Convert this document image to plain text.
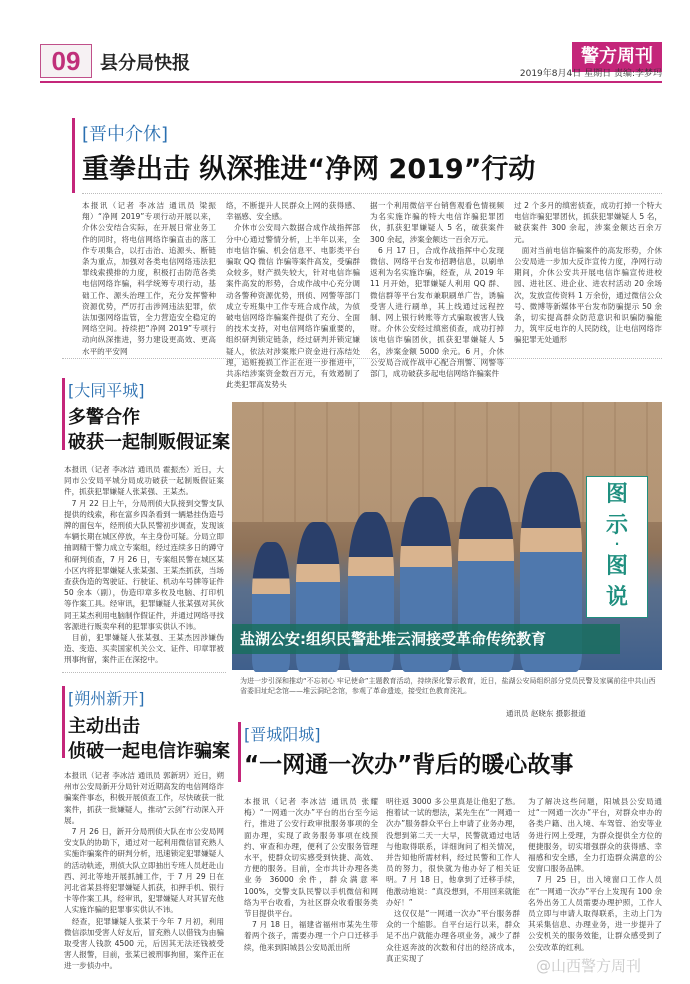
09	县分局快报	警方周刊
2019年8月4日 星期日 责编:李梦玛
[晋中介休]
重拳出击 纵深推进“净网 2019”行动
本报讯（记者 李冰洁 通讯员 梁振翔）“净网 2019”专项行动开展以来，介休公安结合实际，在开展日常业务工作的同时，将电信网络诈骗直击的落工作专项集合，以打击治、追源头、断链条为重点，加强对各类电信网络违法犯罪线索摸排的力度，积极打击防范各类电信网络诈骗，科学统筹专项行动，基础工作、源头治理工作，充分发挥警种资源优势，严厉打击涉网违法犯罪，依法加强网络监管，全力营造安全稳定的网络空间。持续把“净网 2019”专项行动向纵深推进，努力建设更高效、更高水平的平安网
络，不断提升人民群众上网的获得感、幸福感、安全感。
　介休市公安局六数据合成作战指挥部分中心通过警情分析，上半年以来，全市电信诈骗、机会信息平、电影类平台骗取 QQ 微信 诈骗等案件高发，受骗群众较多，财产损失较大，针对电信诈骗案件高发的形势，合成作战中心充分调动各警种资源优势，刑侦、网警等部门成立专班集中工作专班合成作战，为侦破电信网络诈骗案件提供了充分、全面的技术支持，对电信网络诈骗重要的，组织研判锁定链条，经过研判并锁定嫌疑人，依法对涉案账户资金进行冻结处理，追赃挽损工作正在进一步推进中，共冻结涉案资金数百万元，有效遏制了此类犯罪高发势头
据一个利用微信平台销售观看色情视频为名实施诈骗的特大电信诈骗犯罪团伙，抓获犯罪嫌疑人 5 名，破获案件 300 余起，涉案金额达一百余万元。
　6 月 17 日，合成作战指挥中心发现微信、网络平台发布招聘信息，以刷单返利为名实施诈骗，经查，从 2019 年 11 月开始，犯罪嫌疑人利用 QQ 群、微信群等平台发布兼职刷单广告，诱骗受害人进行刷单，其上线通过远程控制、网上银行转账等方式骗取被害人钱财。介休公安经过缜密侦查，成功打掉该电信诈骗团伙，抓获犯罪嫌疑人 5 名，涉案金额 5000 余元。6 月，介休公安局合成作战中心配合刑警、网警等部门，成功破获多起电信网络诈骗案件
过 2 个多月的缜密侦查，成功打掉一个特大电信诈骗犯罪团伙，抓获犯罪嫌疑人 5 名，破获案件 300 余起，涉案金额达百余万元。
　面对当前电信诈骗案件的高发形势，介休公安局进一步加大反诈宣传力度，净网行动期间，介休公安共开展电信诈骗宣传进校园、进社区、进企业、进农村活动 20 余场次，发放宣传资料 1 万余份，通过微信公众号、微博等新媒体平台发布防骗提示 50 余条，切实提高群众防范意识和识骗防骗能力，筑牢反电诈的人民防线，让电信网络诈骗犯罪无处遁形
[大同平城]
多警合作
破获一起制贩假证案
本报讯（记者 李冰洁 通讯员 霍振杰）近日，大同市公安局平城分局成功破获一起制贩假证案件，抓获犯罪嫌疑人张某强、王某杰。
　7 月 22 日上午，分局刑侦大队接到交警支队提供的线索，称在富乡四条看到一辆悬挂伪造号牌的面包车，经刑侦大队民警初步调查，发现该车辆长期在城区停放，车主身份可疑。分局立即抽调精干警力成立专案组，经过连续多日的蹲守和研判侦查，7 月 26 日，专案组民警在城区某小区内将犯罪嫌疑人张某强、王某杰抓获，当场查获伪造的驾驶证、行驶证、机动车号牌等证件 50 余本（副），伪造印章多枚及电脑、打印机等作案工具。经审讯，犯罪嫌疑人张某强对其伙同王某杰利用电脑制作假证件，并通过网络寻找客源进行贩卖牟利的犯罪事实供认不讳。
　目前，犯罪嫌疑人张某强、王某杰因涉嫌伪造、变造、买卖国家机关公文、证件、印章罪被刑事拘留，案件正在深挖中。
[朔州新开]
主动出击
侦破一起电信诈骗案
本报讯（记者 李冰洁 通讯员 郭新玥）近日，朔州市公安局新开分局针对近期高发的电信网络诈骗案件事态，积极开展侦查工作，尽快破获一批案件，抓获一批嫌疑人，推动“云剑”行动深入开展。
　7 月 26 日，新开分局刑侦大队在市公安局网安支队的协助下，通过对一起利用微信冒充熟人实施诈骗案件的研判分析，迅速锁定犯罪嫌疑人的活动轨迹，刑侦大队立即抽出专班人员赶赴山西、河北等地开展抓捕工作，于 7 月 29 日在河北省某县将犯罪嫌疑人抓获，扣押手机、银行卡等作案工具，经审讯，犯罪嫌疑人对其冒充他人实施诈骗的犯罪事实供认不讳。
　经查，犯罪嫌疑人张某于今年 7 月初，利用微信添加受害人好友后，冒充熟人以借钱为由骗取受害人钱款 4500 元，后因其无法还钱被受害人报警，目前，张某已被刑事拘留，案件正在进一步侦办中。
图
示
·
图
说
盐湖公安:组织民警赴堆云洞接受革命传统教育
为进一步引深和推动“不忘初心 牢记使命”主题教育活动，持续深化警示教育，近日，盐湖公安局组织部分党员民警及家属前往中共山西省委旧址纪念馆——堆云洞纪念馆，参观了革命遗迹，接受红色教育洗礼。
通讯员 赵晓东 摄影报道
[晋城阳城]
“一网通一次办”背后的暖心故事
本报讯（记者 李冰洁 通讯员 张耀梅）“一网通一次办”平台的出台至今运行，推进了公安行政审批服务事项的全面办理，实现了政务服务事项在线预约、审查和办理，便利了公安服务管理水平，使群众切实感受到快捷、高效、方便的服务。目前，全市共计办理各类业务 36000 余件，群众满意率 100%，交警支队民警以手机微信和网络为平台收看，为社区群众收看服务类节目提供平台。
　7 月 18 日，福建省福州市某先生带着两个孩子，需要办理一个户口迁移手续，他来到阳城县公安局派出所
明往返 3000 多公里真是让他犯了愁。抱着试一试的想法，某先生在“一网通一次办”服务群众平台上申请了业务办理，没想到第二天一大早，民警就通过电话与他取得联系，详细询问了相关情况，并告知他所需材料，经过民警和工作人员的努力，很快就为他办好了相关证明。7 月 18 日，他拿到了迁移手续，他激动地说：“真没想到，不用回来就能办好！”
　这仅仅是“一网通一次办”平台服务群众的一个缩影。自平台运行以来，群众足不出户就能办理各项业务，减少了群众往返奔波的次数和付出的经济成本，真正实现了
为了解决这些问题，阳城县公安局通过“一网通一次办”平台，对群众申办的各类户籍、出入境、车驾管、治安等业务进行网上受理，为群众提供全方位的便捷服务，切实增强群众的获得感、幸福感和安全感，全力打造群众满意的公安窗口服务品牌。
　7 月 25 日，出入境窗口工作人员在“一网通一次办”平台上发现有 100 余名外出务工人员需要办理护照，工作人员立即与申请人取得联系，主动上门为其采集信息、办理业务，进一步提升了公安机关的服务效能，让群众感受到了公安改革的红利。
@山西警方周刊
